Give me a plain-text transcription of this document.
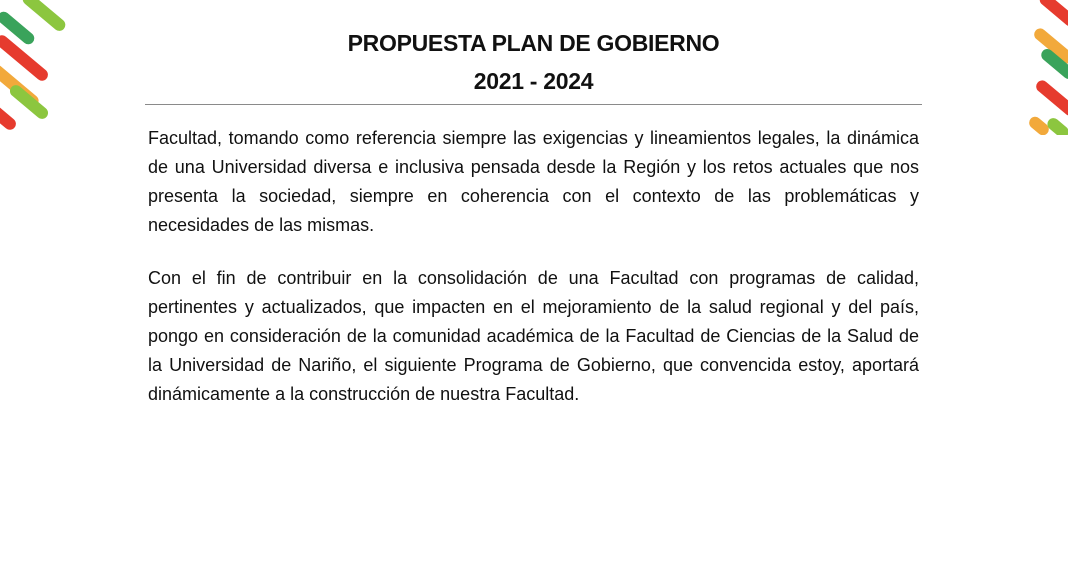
PROPUESTA PLAN DE GOBIERNO
2021 - 2024

Facultad, tomando como referencia siempre las exigencias y lineamientos legales, la dinámica de una Universidad diversa e inclusiva pensada desde la Región y los retos actuales que nos presenta la sociedad, siempre en coherencia con el contexto de las problemáticas y necesidades de las mismas.

Con el fin de contribuir en la consolidación de una Facultad con programas de calidad, pertinentes y actualizados, que impacten en el mejoramiento de la salud regional y del país, pongo en consideración de la comunidad académica de la Facultad de Ciencias de la Salud de la Universidad de Nariño, el siguiente Programa de Gobierno, que convencida estoy, aportará dinámicamente a la construcción de nuestra Facultad.
